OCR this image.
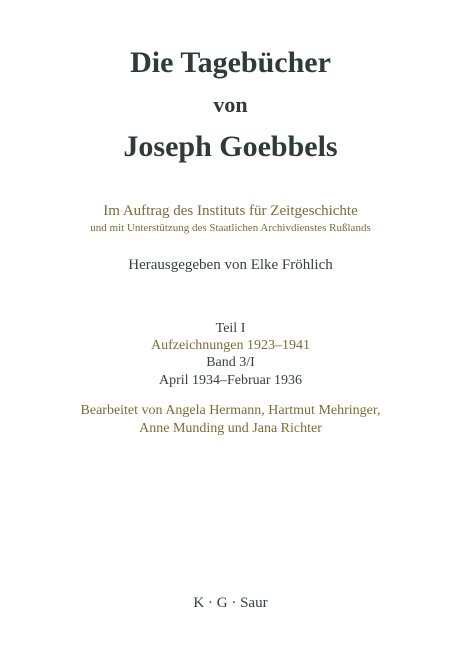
Die Tagebücher
von
Joseph Goebbels
Im Auftrag des Instituts für Zeitgeschichte
und mit Unterstützung des Staatlichen Archivdienstes Rußlands
Herausgegeben von Elke Fröhlich
Teil I
Aufzeichnungen 1923–1941
Band 3/I
April 1934–Februar 1936
Bearbeitet von Angela Hermann, Hartmut Mehringer,
Anne Munding und Jana Richter
K · G · Saur
